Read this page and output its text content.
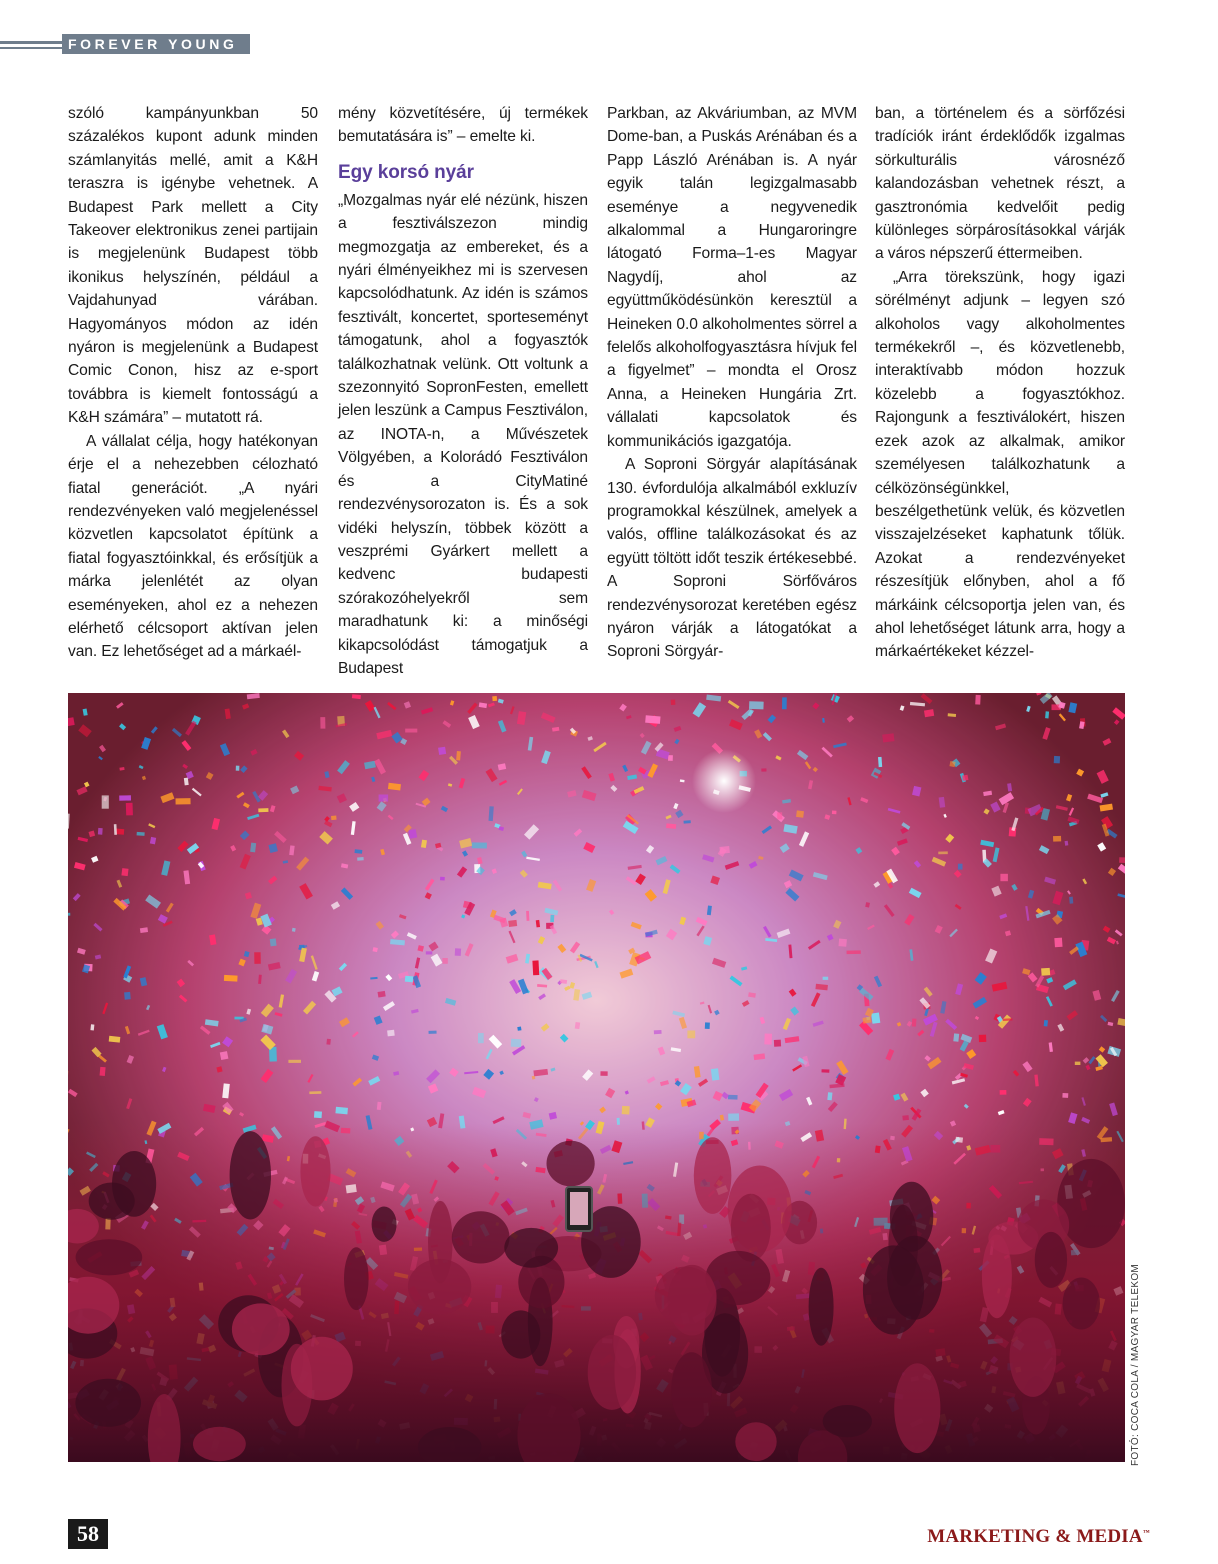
FOREVER YOUNG

szóló kampányunkban 50 százalékos kupont adunk minden számlanyitás mellé, amit a K&H teraszra is igénybe vehetnek. A Budapest Park mellett a City Takeover elektronikus zenei partijain is megjelenünk Budapest több ikonikus helyszínén, például a Vajdahunyad várában. Hagyományos módon az idén nyáron is megjelenünk a Budapest Comic Conon, hisz az e-sport továbbra is kiemelt fontosságú a K&H számára” – mutatott rá.

A vállalat célja, hogy hatékonyan érje el a nehezebben célozható fiatal generációt. „A nyári rendezvényeken való megjelenéssel közvetlen kapcsolatot építünk a fiatal fogyasztóinkkal, és erősítjük a márka jelenlétét az olyan eseményeken, ahol ez a nehezen elérhető célcsoport aktívan jelen van. Ez lehetőséget ad a márkaél-

mény közvetítésére, új termékek bemutatására is” – emelte ki.

Egy korsó nyár

„Mozgalmas nyár elé nézünk, hiszen a fesztiválszezon mindig megmozgatja az embereket, és a nyári élményeikhez mi is szervesen kapcsolódhatunk. Az idén is számos fesztivált, koncertet, sporteseményt támogatunk, ahol a fogyasztók találkozhatnak velünk. Ott voltunk a szezonnyitó SopronFesten, emellett jelen leszünk a Campus Fesztiválon, az INOTA-n, a Művészetek Völgyében, a Kolorádó Fesztiválon és a CityMatiné rendezvénysorozaton is. És a sok vidéki helyszín, többek között a veszprémi Gyárkert mellett a kedvenc budapesti szórakozóhelyekről sem maradhatunk ki: a minőségi kikapcsolódást támogatjuk a Budapest

Parkban, az Akváriumban, az MVM Dome-ban, a Puskás Arénában és a Papp László Arénában is. A nyár egyik talán legizgalmasabb eseménye a negyvenedik alkalommal a Hungaroringre látogató Forma–1-es Magyar Nagydíj, ahol az együttműködésünkön keresztül a Heineken 0.0 alkoholmentes sörrel a felelős alkoholfogyasztásra hívjuk fel a figyelmet” – mondta el Orosz Anna, a Heineken Hungária Zrt. vállalati kapcsolatok és kommunikációs igazgatója.

A Soproni Sörgyár alapításának 130. évfordulója alkalmából exkluzív programokkal készülnek, amelyek a valós, offline találkozásokat és az együtt töltött időt teszik értékesebbé. A Soproni Sörfőváros rendezvénysorozat keretében egész nyáron várják a látogatókat a Soproni Sörgyár-

ban, a történelem és a sörfőzési tradíciók iránt érdeklődők izgalmas sörkulturális városnéző kalandozásban vehetnek részt, a gasztronómia kedvelőit pedig különleges sörpárosításokkal várják a város népszerű éttermeiben.

„Arra törekszünk, hogy igazi sörélményt adjunk – legyen szó alkoholos vagy alkoholmentes termékekről –, és közvetlenebb, interaktívabb módon hozzuk közelebb a fogyasztókhoz. Rajongunk a fesztiválokért, hiszen ezek azok az alkalmak, amikor személyesen találkozhatunk a célközönségünkkel, beszélgethetünk velük, és közvetlen visszajelzéseket kaphatunk tőlük. Azokat a rendezvényeket részesítjük előnyben, ahol a fő márkáink célcsoportja jelen van, és ahol lehetőséget látunk arra, hogy a márkaértékeket kézzel-

FOTÓ: COCA COLA / MAGYAR TELEKOM
58	MARKETING & MEDIA™
